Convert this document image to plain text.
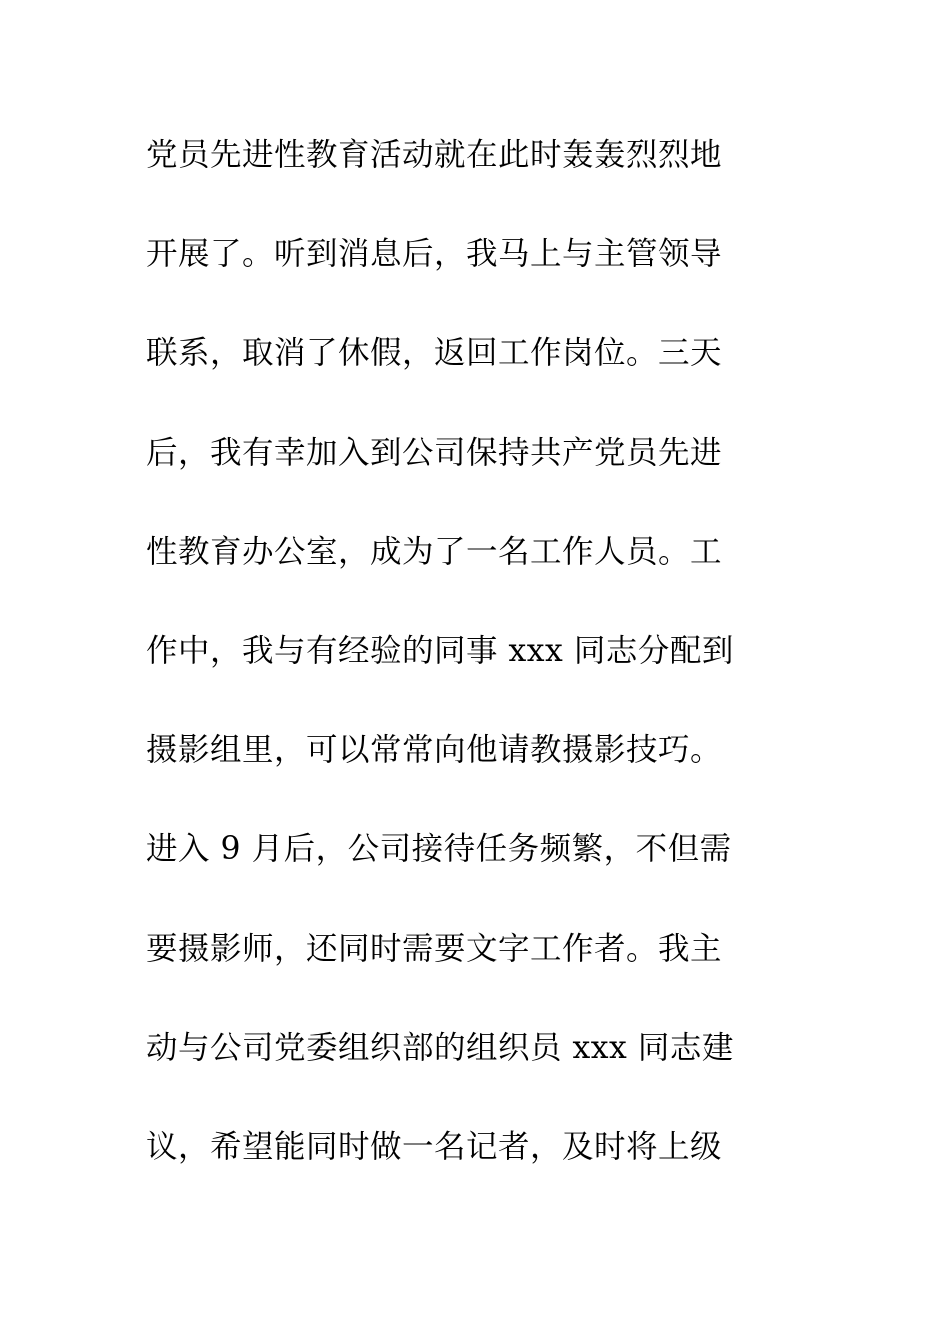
党员先进性教育活动就在此时轰轰烈烈地
开展了。听到消息后，我马上与主管领导
联系，取消了休假，返回工作岗位。三天
后，我有幸加入到公司保持共产党员先进
性教育办公室，成为了一名工作人员。工
作中，我与有经验的同事 xxx 同志分配到
摄影组里，可以常常向他请教摄影技巧。
进入 9 月后，公司接待任务频繁，不但需
要摄影师，还同时需要文字工作者。我主
动与公司党委组织部的组织员 xxx 同志建
议，希望能同时做一名记者，及时将上级
